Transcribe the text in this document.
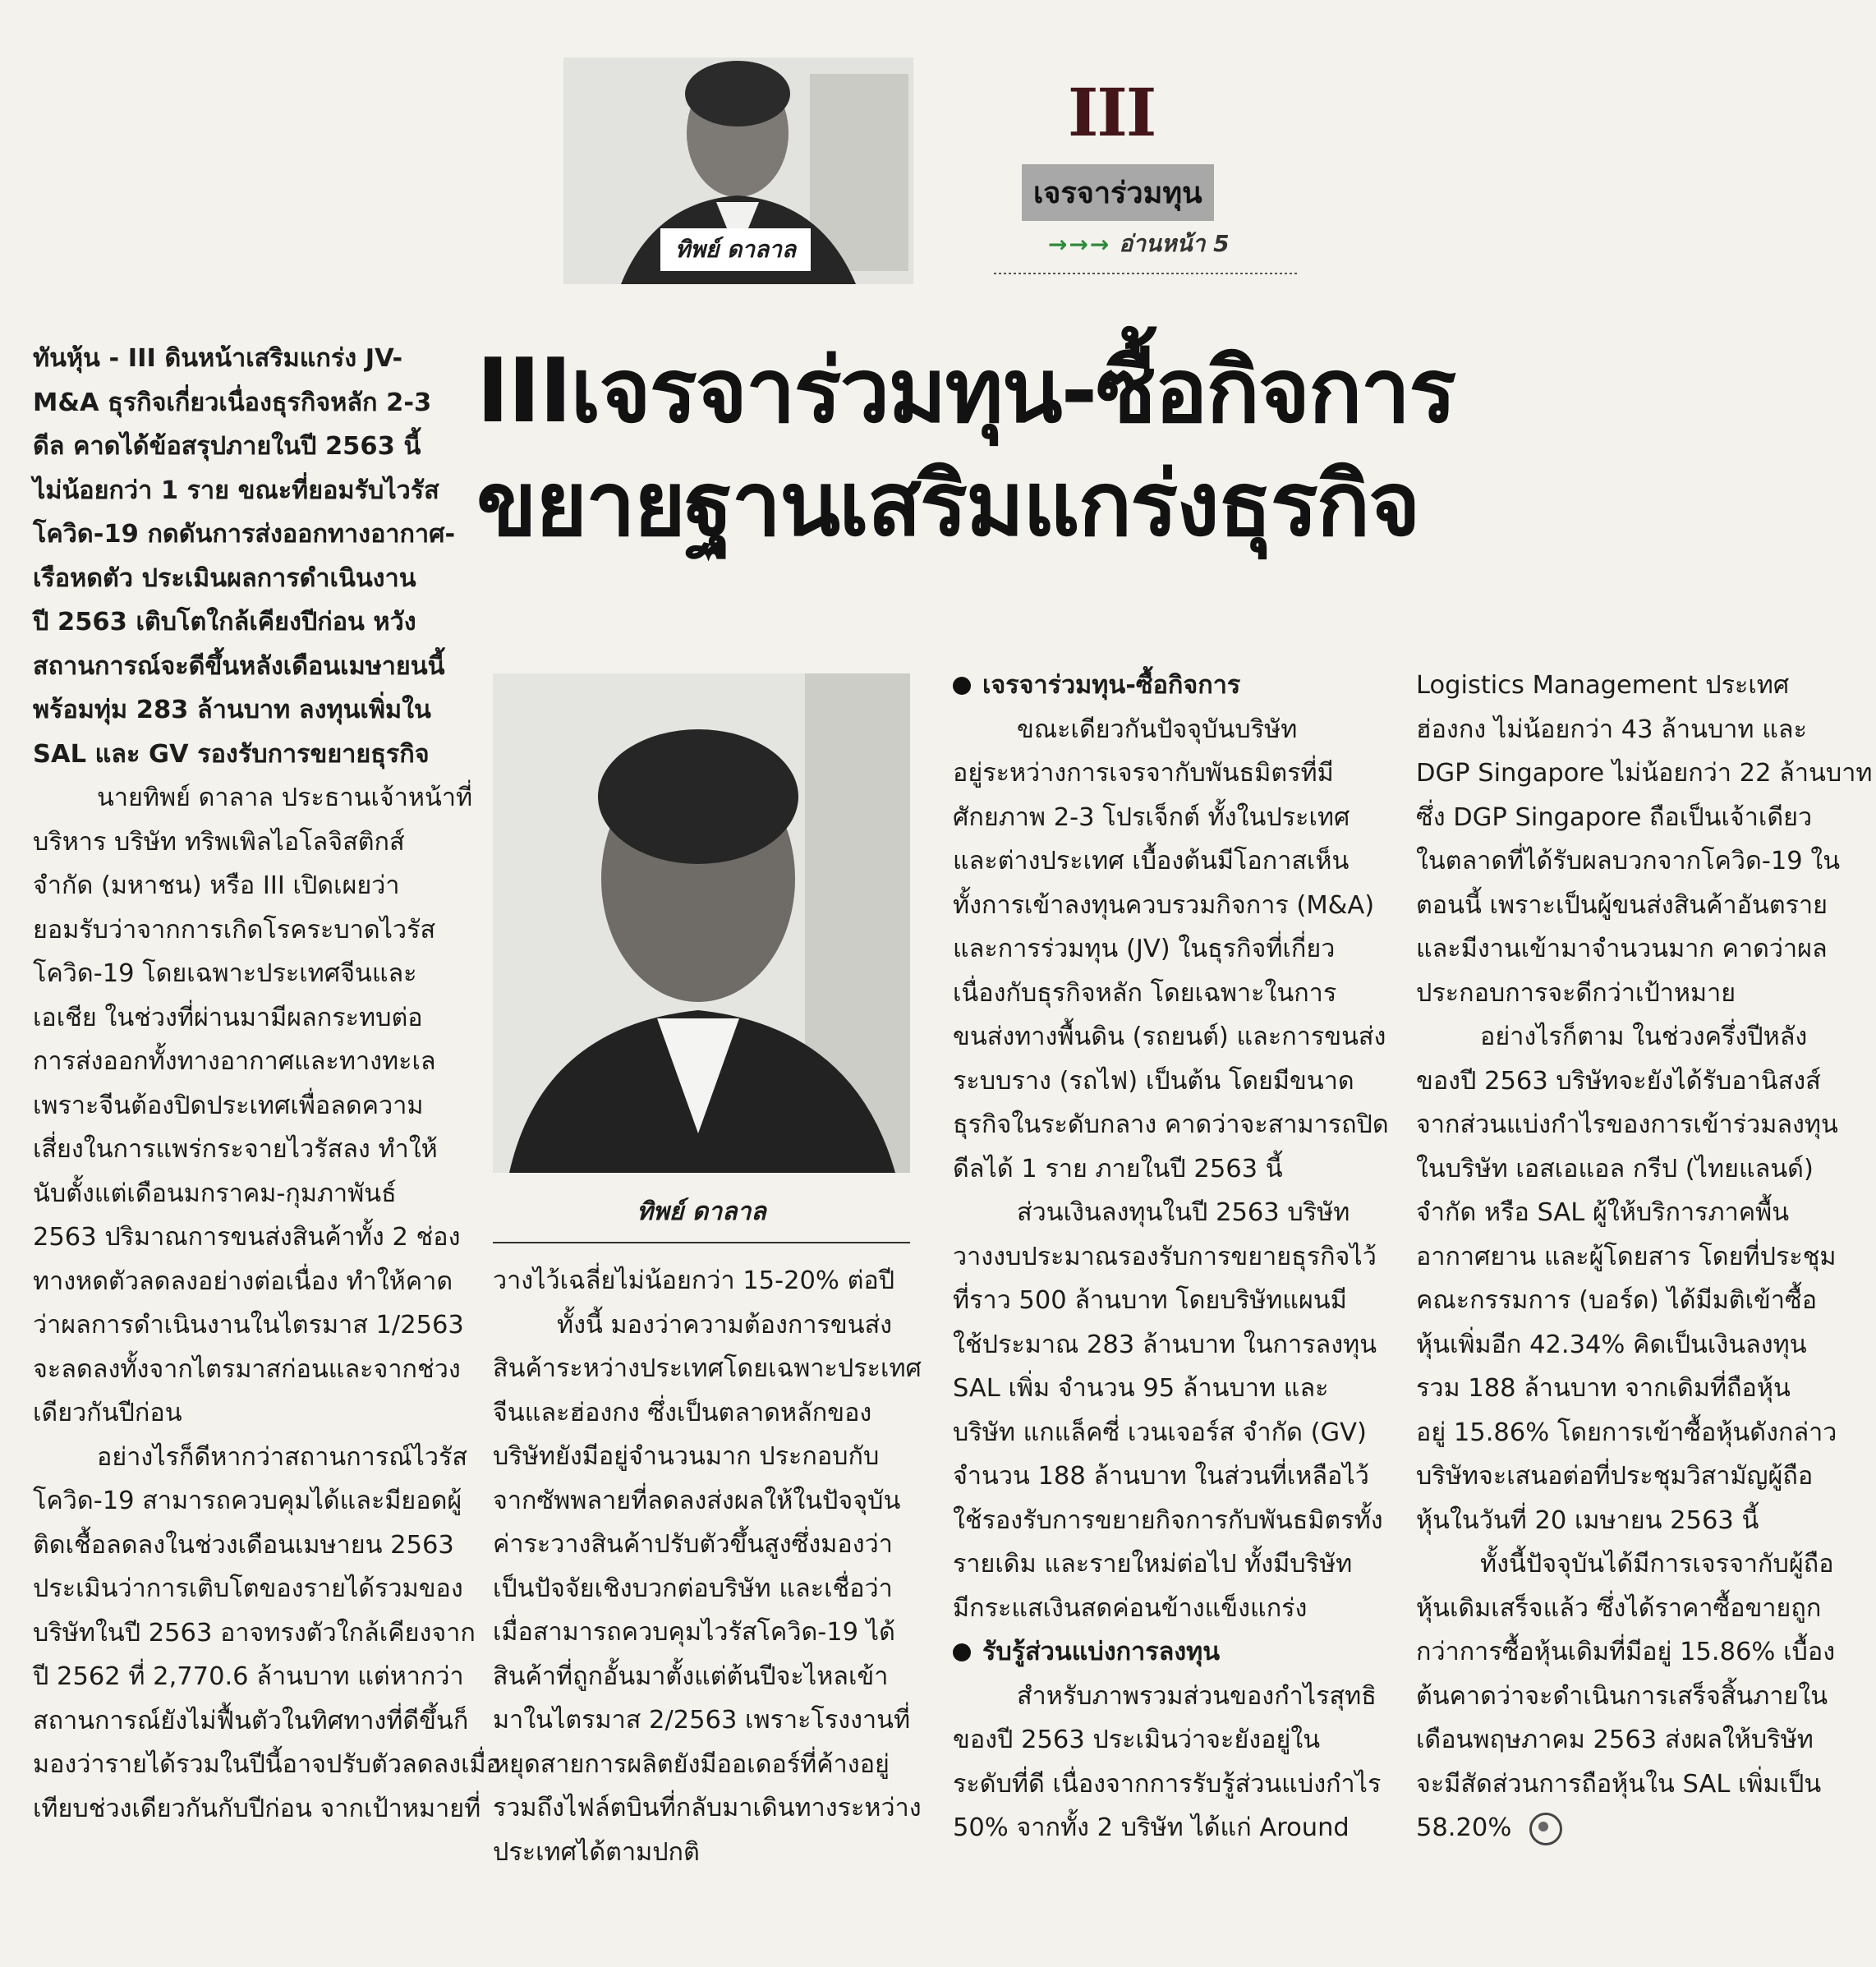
ทิพย์ ดาลาล
III
เจรจาร่วมทุน
→→→ อ่านหน้า 5
IIIเจรจาร่วมทุน-ซื้อกิจการ
ขยายฐานเสริมแกร่งธุรกิจ
ทันหุ้น - III ดินหน้าเสริมแกร่ง JV-
M&A ธุรกิจเกี่ยวเนื่องธุรกิจหลัก 2-3
ดีล คาดได้ข้อสรุปภายในปี 2563 นี้
ไม่น้อยกว่า 1 ราย ขณะที่ยอมรับไวรัส
โควิด-19 กดดันการส่งออกทางอากาศ-
เรือหดตัว ประเมินผลการดำเนินงาน
ปี 2563 เติบโตใกล้เคียงปีก่อน หวัง
สถานการณ์จะดีขึ้นหลังเดือนเมษายนนี้
พร้อมทุ่ม 283 ล้านบาท ลงทุนเพิ่มใน
SAL และ GV รองรับการขยายธุรกิจ
นายทิพย์ ดาลาล ประธานเจ้าหน้าที่
บริหาร บริษัท ทริพเพิลไอโลจิสติกส์
จำกัด (มหาชน) หรือ III เปิดเผยว่า
ยอมรับว่าจากการเกิดโรคระบาดไวรัส
โควิด-19 โดยเฉพาะประเทศจีนและ
เอเชีย ในช่วงที่ผ่านมามีผลกระทบต่อ
การส่งออกทั้งทางอากาศและทางทะเล
เพราะจีนต้องปิดประเทศเพื่อลดความ
เสี่ยงในการแพร่กระจายไวรัสลง ทำให้
นับตั้งแต่เดือนมกราคม-กุมภาพันธ์
2563 ปริมาณการขนส่งสินค้าทั้ง 2 ช่อง
ทางหดตัวลดลงอย่างต่อเนื่อง ทำให้คาด
ว่าผลการดำเนินงานในไตรมาส 1/2563
จะลดลงทั้งจากไตรมาสก่อนและจากช่วง
เดียวกันปีก่อน
อย่างไรก็ดีหากว่าสถานการณ์ไวรัส
โควิด-19 สามารถควบคุมได้และมียอดผู้
ติดเชื้อลดลงในช่วงเดือนเมษายน 2563
ประเมินว่าการเติบโตของรายได้รวมของ
บริษัทในปี 2563 อาจทรงตัวใกล้เคียงจาก
ปี 2562 ที่ 2,770.6 ล้านบาท แต่หากว่า
สถานการณ์ยังไม่ฟื้นตัวในทิศทางที่ดีขึ้นก็
มองว่ารายได้รวมในปีนี้อาจปรับตัวลดลงเมื่อ
เทียบช่วงเดียวกันกับปีก่อน จากเป้าหมายที่
ทิพย์ ดาลาล
วางไว้เฉลี่ยไม่น้อยกว่า 15-20% ต่อปี
ทั้งนี้ มองว่าความต้องการขนส่ง
สินค้าระหว่างประเทศโดยเฉพาะประเทศ
จีนและฮ่องกง ซึ่งเป็นตลาดหลักของ
บริษัทยังมีอยู่จำนวนมาก ประกอบกับ
จากซัพพลายที่ลดลงส่งผลให้ในปัจจุบัน
ค่าระวางสินค้าปรับตัวขึ้นสูงซึ่งมองว่า
เป็นปัจจัยเชิงบวกต่อบริษัท และเชื่อว่า
เมื่อสามารถควบคุมไวรัสโควิด-19 ได้
สินค้าที่ถูกอั้นมาตั้งแต่ต้นปีจะไหลเข้า
มาในไตรมาส 2/2563 เพราะโรงงานที่
หยุดสายการผลิตยังมีออเดอร์ที่ค้างอยู่
รวมถึงไฟล์ตบินที่กลับมาเดินทางระหว่าง
ประเทศได้ตามปกติ
เจรจาร่วมทุน-ซื้อกิจการ
ขณะเดียวกันปัจจุบันบริษัท
อยู่ระหว่างการเจรจากับพันธมิตรที่มี
ศักยภาพ 2-3 โปรเจ็กต์ ทั้งในประเทศ
และต่างประเทศ เบื้องต้นมีโอกาสเห็น
ทั้งการเข้าลงทุนควบรวมกิจการ (M&A)
และการร่วมทุน (JV) ในธุรกิจที่เกี่ยว
เนื่องกับธุรกิจหลัก โดยเฉพาะในการ
ขนส่งทางพื้นดิน (รถยนต์) และการขนส่ง
ระบบราง (รถไฟ) เป็นต้น โดยมีขนาด
ธุรกิจในระดับกลาง คาดว่าจะสามารถปิด
ดีลได้ 1 ราย ภายในปี 2563 นี้
ส่วนเงินลงทุนในปี 2563 บริษัท
วางงบประมาณรองรับการขยายธุรกิจไว้
ที่ราว 500 ล้านบาท โดยบริษัทแผนมี
ใช้ประมาณ 283 ล้านบาท ในการลงทุน
SAL เพิ่ม จำนวน 95 ล้านบาท และ
บริษัท แกแล็คซี่ เวนเจอร์ส จำกัด (GV)
จำนวน 188 ล้านบาท ในส่วนที่เหลือไว้
ใช้รองรับการขยายกิจการกับพันธมิตรทั้ง
รายเดิม และรายใหม่ต่อไป ทั้งมีบริษัท
มีกระแสเงินสดค่อนข้างแข็งแกร่ง
รับรู้ส่วนแบ่งการลงทุน
สำหรับภาพรวมส่วนของกำไรสุทธิ
ของปี 2563 ประเมินว่าจะยังอยู่ใน
ระดับที่ดี เนื่องจากการรับรู้ส่วนแบ่งกำไร
50% จากทั้ง 2 บริษัท ได้แก่ Around
Logistics Management ประเทศ
ฮ่องกง ไม่น้อยกว่า 43 ล้านบาท และ
DGP Singapore ไม่น้อยกว่า 22 ล้านบาท
ซึ่ง DGP Singapore ถือเป็นเจ้าเดียว
ในตลาดที่ได้รับผลบวกจากโควิด-19 ใน
ตอนนี้ เพราะเป็นผู้ขนส่งสินค้าอันตราย
และมีงานเข้ามาจำนวนมาก คาดว่าผล
ประกอบการจะดีกว่าเป้าหมาย
อย่างไรก็ตาม ในช่วงครึ่งปีหลัง
ของปี 2563 บริษัทจะยังได้รับอานิสงส์
จากส่วนแบ่งกำไรของการเข้าร่วมลงทุน
ในบริษัท เอสเอแอล กรีป (ไทยแลนด์)
จำกัด หรือ SAL ผู้ให้บริการภาคพื้น
อากาศยาน และผู้โดยสาร โดยที่ประชุม
คณะกรรมการ (บอร์ด) ได้มีมติเข้าซื้อ
หุ้นเพิ่มอีก 42.34% คิดเป็นเงินลงทุน
รวม 188 ล้านบาท จากเดิมที่ถือหุ้น
อยู่ 15.86% โดยการเข้าซื้อหุ้นดังกล่าว
บริษัทจะเสนอต่อที่ประชุมวิสามัญผู้ถือ
หุ้นในวันที่ 20 เมษายน 2563 นี้
ทั้งนี้ปัจจุบันได้มีการเจรจากับผู้ถือ
หุ้นเดิมเสร็จแล้ว ซึ่งได้ราคาซื้อขายถูก
กว่าการซื้อหุ้นเดิมที่มีอยู่ 15.86% เบื้อง
ต้นคาดว่าจะดำเนินการเสร็จสิ้นภายใน
เดือนพฤษภาคม 2563 ส่งผลให้บริษัท
จะมีสัดส่วนการถือหุ้นใน SAL เพิ่มเป็น
58.20%
